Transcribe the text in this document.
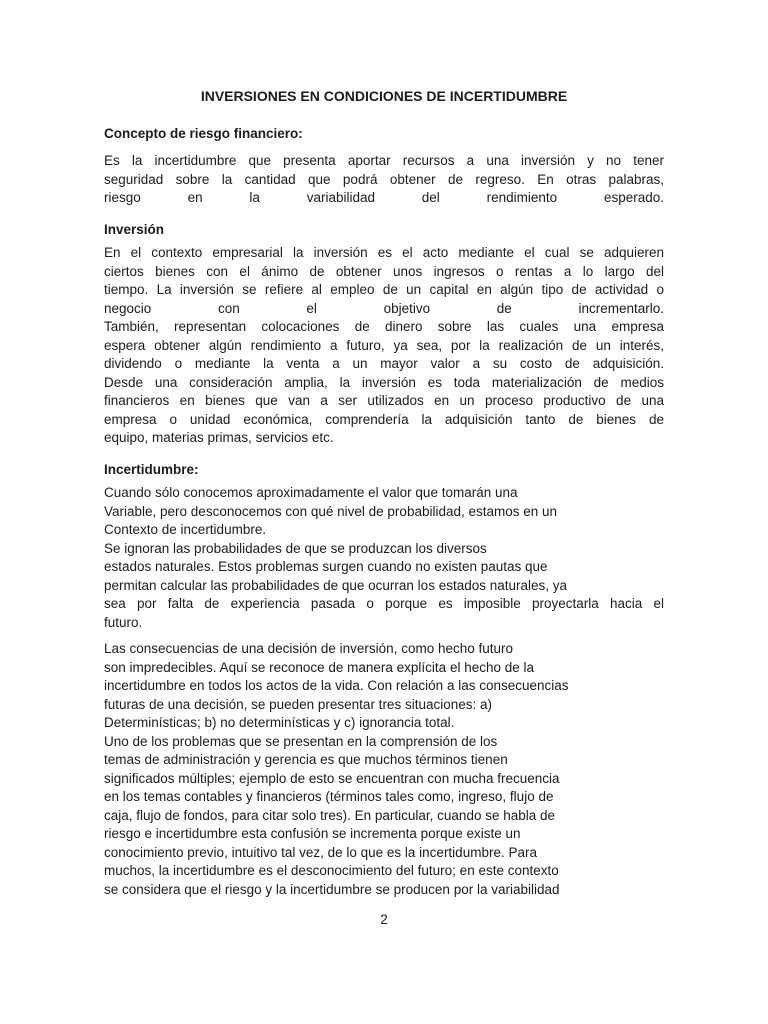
INVERSIONES EN CONDICIONES DE INCERTIDUMBRE
Concepto de riesgo financiero:
Es la incertidumbre que presenta aportar recursos a una inversión y no tener
seguridad sobre la cantidad que podrá obtener de regreso. En otras palabras,
riesgo en la variabilidad del rendimiento esperado.
Inversión
En el contexto empresarial la inversión es el acto mediante el cual se adquieren
ciertos bienes con el ánimo de obtener unos ingresos o rentas a lo largo del
tiempo. La inversión se refiere al empleo de un capital en algún tipo de actividad o
negocio con el objetivo de incrementarlo.
También, representan colocaciones de dinero sobre las cuales una empresa
espera obtener algún rendimiento a futuro, ya sea, por la realización de un interés,
dividendo o mediante la venta a un mayor valor a su costo de adquisición.
Desde una consideración amplia, la inversión es toda materialización de medios
financieros en bienes que van a ser utilizados en un proceso productivo de una
empresa o unidad económica, comprendería la adquisición tanto de bienes de
equipo, materias primas, servicios etc.
Incertidumbre:
Cuando sólo conocemos aproximadamente el valor que tomarán una
Variable, pero desconocemos con qué nivel de probabilidad, estamos en un
Contexto de incertidumbre.
Se ignoran las probabilidades de que se produzcan los diversos
estados naturales. Estos problemas surgen cuando no existen pautas que
permitan calcular las probabilidades de que ocurran los estados naturales, ya
sea por falta de experiencia pasada o porque es imposible proyectarla hacia el
futuro.
Las consecuencias de una decisión de inversión, como hecho futuro
son impredecibles. Aquí se reconoce de manera explícita el hecho de la
incertidumbre en todos los actos de la vida. Con relación a las consecuencias
futuras de una decisión, se pueden presentar tres situaciones: a)
Determinísticas; b) no determinísticas y c) ignorancia total.
Uno de los problemas que se presentan en la comprensión de los
temas de administración y gerencia es que muchos términos tienen
significados múltiples; ejemplo de esto se encuentran con mucha frecuencia
en los temas contables y financieros (términos tales como, ingreso, flujo de
caja, flujo de fondos, para citar solo tres). En particular, cuando se habla de
riesgo e incertidumbre esta confusión se incrementa porque existe un
conocimiento previo, intuitivo tal vez, de lo que es la incertidumbre. Para
muchos, la incertidumbre es el desconocimiento del futuro; en este contexto
se considera que el riesgo y la incertidumbre se producen por la variabilidad
2
